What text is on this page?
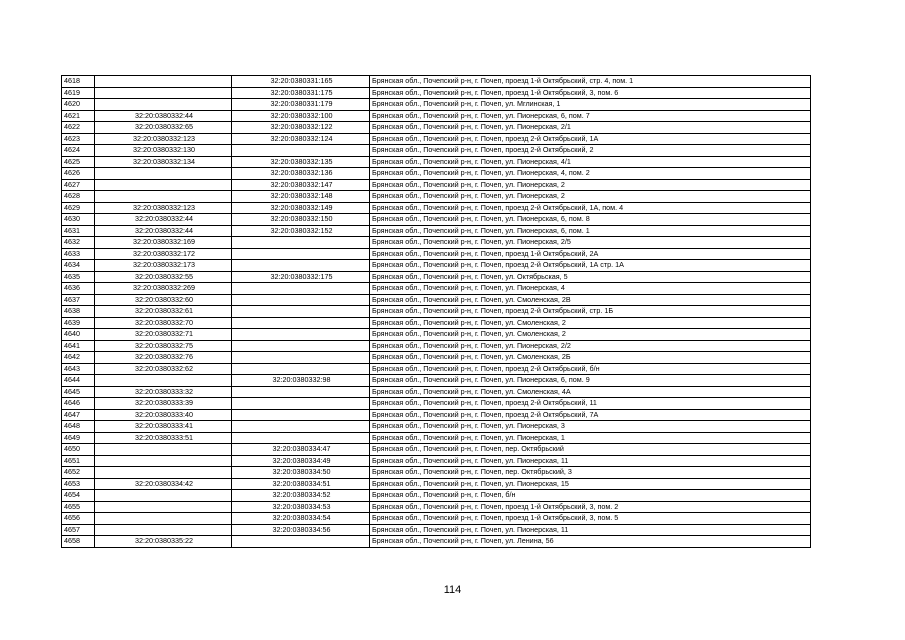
4618		32:20:0380331:165	Брянская обл., Почепский р-н, г. Почеп, проезд 1-й Октябрьский, стр. 4, пом. 1
4619		32:20:0380331:175	Брянская обл., Почепский р-н, г. Почеп, проезд 1-й Октябрьский, 3, пом. 6
4620		32:20:0380331:179	Брянская обл., Почепский р-н, г. Почеп, ул. Мглинская, 1
4621	32:20:0380332:44	32:20:0380332:100	Брянская обл., Почепский р-н, г. Почеп, ул. Пионерская, 6, пом. 7
4622	32:20:0380332:65	32:20:0380332:122	Брянская обл., Почепский р-н, г. Почеп, ул. Пионерская, 2/1
4623	32:20:0380332:123	32:20:0380332:124	Брянская обл., Почепский р-н, г. Почеп, проезд 2-й Октябрьский, 1А
4624	32:20:0380332:130		Брянская обл., Почепский р-н, г. Почеп, проезд 2-й Октябрьский, 2
4625	32:20:0380332:134	32:20:0380332:135	Брянская обл., Почепский р-н, г. Почеп, ул. Пионерская, 4/1
4626		32:20:0380332:136	Брянская обл., Почепский р-н, г. Почеп, ул. Пионерская, 4, пом. 2
4627		32:20:0380332:147	Брянская обл., Почепский р-н, г. Почеп, ул. Пионерская, 2
4628		32:20:0380332:148	Брянская обл., Почепский р-н, г. Почеп, ул. Пионерская, 2
4629	32:20:0380332:123	32:20:0380332:149	Брянская обл., Почепский р-н, г. Почеп, проезд 2-й Октябрьский, 1А, пом. 4
4630	32:20:0380332:44	32:20:0380332:150	Брянская обл., Почепский р-н, г. Почеп, ул. Пионерская, 6, пом. 8
4631	32:20:0380332:44	32:20:0380332:152	Брянская обл., Почепский р-н, г. Почеп, ул. Пионерская, 6, пом. 1
4632	32:20:0380332:169		Брянская обл., Почепский р-н, г. Почеп, ул. Пионерская, 2/5
4633	32:20:0380332:172		Брянская обл., Почепский р-н, г. Почеп, проезд 1-й Октябрьский, 2А
4634	32:20:0380332:173		Брянская обл., Почепский р-н, г. Почеп, проезд 2-й Октябрьский, 1А стр. 1А
4635	32:20:0380332:55	32:20:0380332:175	Брянская обл., Почепский р-н, г. Почеп, ул. Октябрьская, 5
4636	32:20:0380332:269		Брянская обл., Почепский р-н, г. Почеп, ул. Пионерская, 4
4637	32:20:0380332:60		Брянская обл., Почепский р-н, г. Почеп, ул. Смоленская, 2В
4638	32:20:0380332:61		Брянская обл., Почепский р-н, г. Почеп, проезд 2-й Октябрьский, стр. 1Б
4639	32:20:0380332:70		Брянская обл., Почепский р-н, г. Почеп, ул. Смоленская, 2
4640	32:20:0380332:71		Брянская обл., Почепский р-н, г. Почеп, ул. Смоленская, 2
4641	32:20:0380332:75		Брянская обл., Почепский р-н, г. Почеп, ул. Пионерская, 2/2
4642	32:20:0380332:76		Брянская обл., Почепский р-н, г. Почеп, ул. Смоленская, 2Б
4643	32:20:0380332:62		Брянская обл., Почепский р-н, г. Почеп, проезд 2-й Октябрьский, б/н
4644		32:20:0380332:98	Брянская обл., Почепский р-н, г. Почеп, ул. Пионерская, 6, пом. 9
4645	32:20:0380333:32		Брянская обл., Почепский р-н, г. Почеп, ул. Смоленская, 4А
4646	32:20:0380333:39		Брянская обл., Почепский р-н, г. Почеп, проезд 2-й Октябрьский, 11
4647	32:20:0380333:40		Брянская обл., Почепский р-н, г. Почеп, проезд 2-й Октябрьский, 7А
4648	32:20:0380333:41		Брянская обл., Почепский р-н, г. Почеп, ул. Пионерская, 3
4649	32:20:0380333:51		Брянская обл., Почепский р-н, г. Почеп, ул. Пионерская, 1
4650		32:20:0380334:47	Брянская обл., Почепский р-н, г. Почеп, пер. Октябрьский
4651		32:20:0380334:49	Брянская обл., Почепский р-н, г. Почеп, ул. Пионерская, 11
4652		32:20:0380334:50	Брянская обл., Почепский р-н, г. Почеп, пер. Октябрьский, 3
4653	32:20:0380334:42	32:20:0380334:51	Брянская обл., Почепский р-н, г. Почеп, ул. Пионерская, 15
4654		32:20:0380334:52	Брянская обл., Почепский р-н, г. Почеп, б/н
4655		32:20:0380334:53	Брянская обл., Почепский р-н, г. Почеп, проезд 1-й Октябрьский, 3, пом. 2
4656		32:20:0380334:54	Брянская обл., Почепский р-н, г. Почеп, проезд 1-й Октябрьский, 3, пом. 5
4657		32:20:0380334:56	Брянская обл., Почепский р-н, г. Почеп, ул. Пионерская, 11
4658	32:20:0380335:22		Брянская обл., Почепский р-н, г. Почеп, ул. Ленина, 56
114
